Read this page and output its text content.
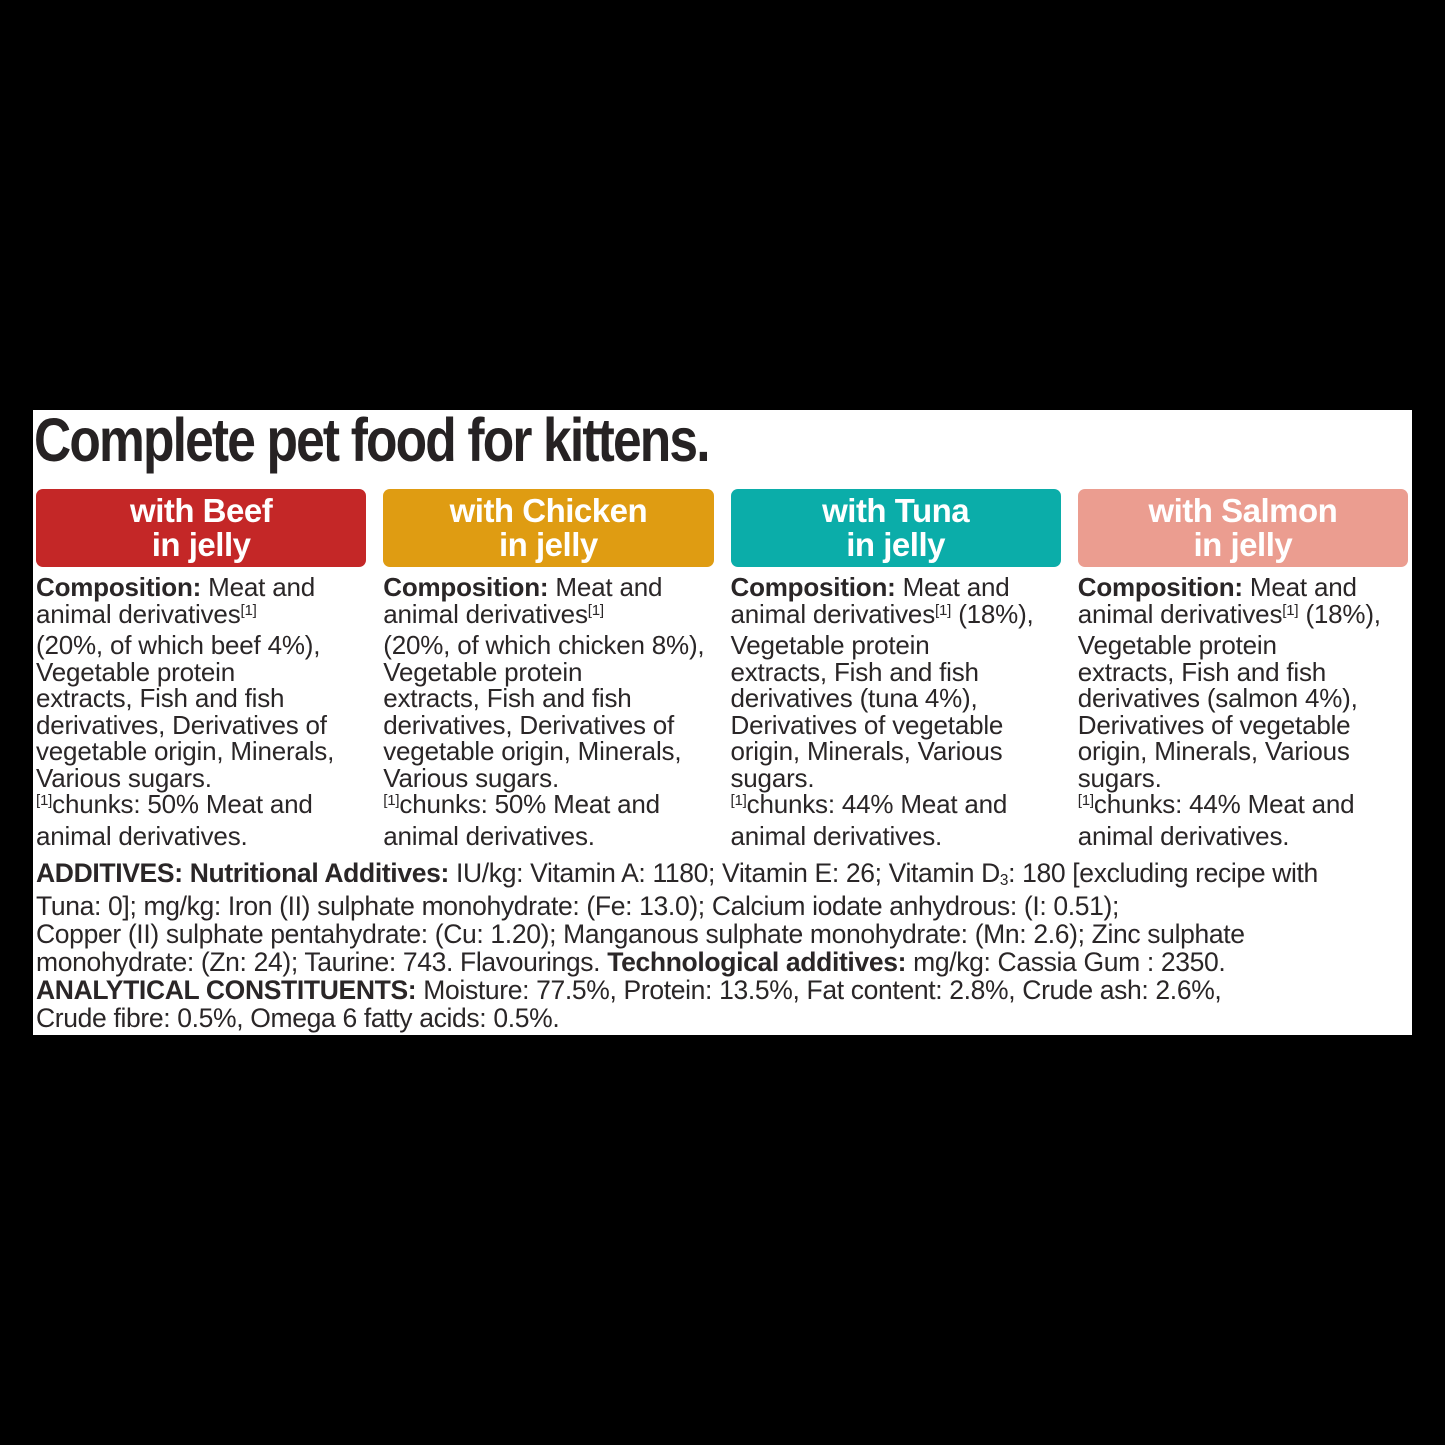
Complete pet food for kittens.
with Beef
in jelly
with Chicken
in jelly
with Tuna
in jelly
with Salmon
in jelly
Composition: Meat and
animal derivatives[1]
(20%, of which beef 4%),
Vegetable protein
extracts, Fish and fish
derivatives, Derivatives of
vegetable origin, Minerals,
Various sugars.
[1]chunks: 50% Meat and
animal derivatives.
Composition: Meat and
animal derivatives[1]
(20%, of which chicken 8%),
Vegetable protein
extracts, Fish and fish
derivatives, Derivatives of
vegetable origin, Minerals,
Various sugars.
[1]chunks: 50% Meat and
animal derivatives.
Composition: Meat and
animal derivatives[1] (18%),
Vegetable protein
extracts, Fish and fish
derivatives (tuna 4%),
Derivatives of vegetable
origin, Minerals, Various
sugars.
[1]chunks: 44% Meat and
animal derivatives.
Composition: Meat and
animal derivatives[1] (18%),
Vegetable protein
extracts, Fish and fish
derivatives (salmon 4%),
Derivatives of vegetable
origin, Minerals, Various
sugars.
[1]chunks: 44% Meat and
animal derivatives.
ADDITIVES: Nutritional Additives: IU/kg: Vitamin A: 1180; Vitamin E: 26; Vitamin D3: 180 [excluding recipe with
Tuna: 0]; mg/kg: Iron (II) sulphate monohydrate: (Fe: 13.0); Calcium iodate anhydrous: (I: 0.51);
Copper (II) sulphate pentahydrate: (Cu: 1.20); Manganous sulphate monohydrate: (Mn: 2.6); Zinc sulphate
monohydrate: (Zn: 24); Taurine: 743. Flavourings. Technological additives: mg/kg: Cassia Gum : 2350.
ANALYTICAL CONSTITUENTS: Moisture: 77.5%, Protein: 13.5%, Fat content: 2.8%, Crude ash: 2.6%,
Crude fibre: 0.5%, Omega 6 fatty acids: 0.5%.
